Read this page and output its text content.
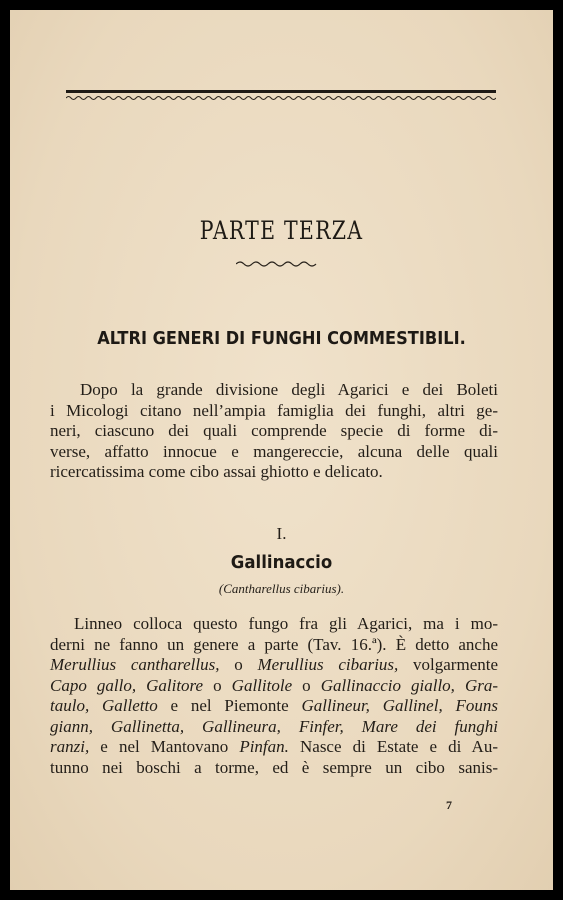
PARTE TERZA
ALTRI GENERI DI FUNGHI COMMESTIBILI.
Dopo la grande divisione degli Agarici e dei Boleti
i Micologi citano nell’ampia famiglia dei funghi, altri ge-
neri, ciascuno dei quali comprende specie di forme di-
verse, affatto innocue e mangereccie, alcuna delle quali
ricercatissima come cibo assai ghiotto e delicato.
I.
Gallinaccio
(Cantharellus cibarius).
Linneo colloca questo fungo fra gli Agarici, ma i mo-
derni ne fanno un genere a parte (Tav. 16.ª). È detto anche
Merullius cantharellus, o Merullius cibarius, volgarmente
Capo gallo, Galitore o Gallitole o Gallinaccio giallo, Gra-
taulo, Galletto e nel Piemonte Gallineur, Gallinel, Founs
giann, Gallinetta, Gallineura, Finfer, Mare dei funghi
ranzi, e nel Mantovano Pinfan. Nasce di Estate e di Au-
tunno nei boschi a torme, ed è sempre un cibo sanis-
7
